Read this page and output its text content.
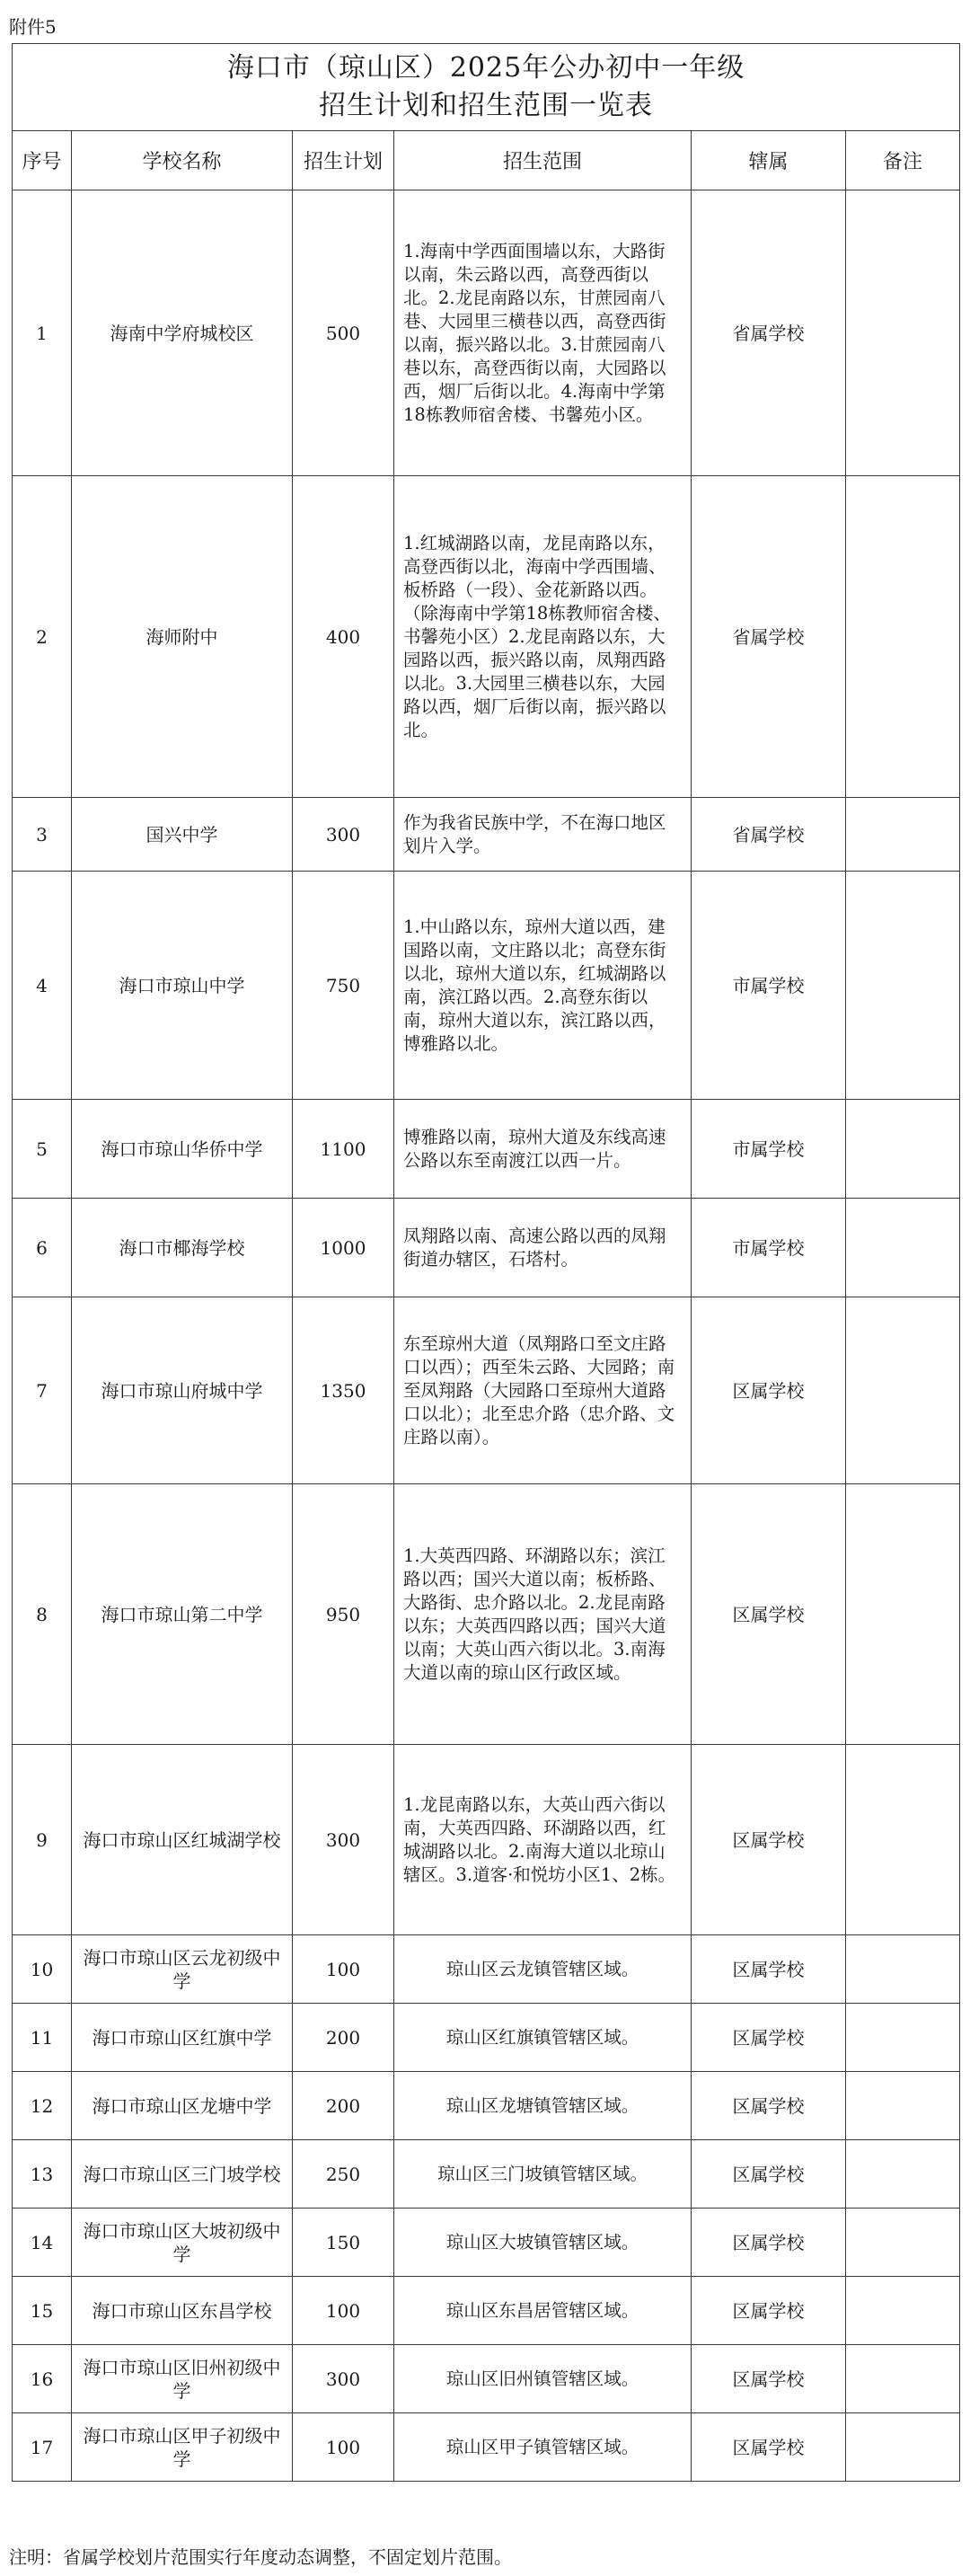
附件5
海口市（琼山区）2025年公办初中一年级
招生计划和招生范围一览表					

序号	学校名称	招生计划	招生范围	辖属	备注
1	海南中学府城校区	500	1.海南中学西面围墙以东，大路街以南，朱云路以西，高登西街以北。2.龙昆南路以东，甘蔗园南八巷、大园里三横巷以西，高登西街以南，振兴路以北。3.甘蔗园南八巷以东，高登西街以南，大园路以西，烟厂后街以北。4.海南中学第18栋教师宿舍楼、书馨苑小区。	省属学校	
2	海师附中	400	1.红城湖路以南，龙昆南路以东，高登西街以北，海南中学西围墙、板桥路（一段）、金花新路以西。（除海南中学第18栋教师宿舍楼、书馨苑小区）2.龙昆南路以东，大园路以西，振兴路以南，凤翔西路以北。3.大园里三横巷以东，大园路以西，烟厂后街以南，振兴路以北。	省属学校	
3	国兴中学	300	作为我省民族中学，不在海口地区划片入学。	省属学校	
4	海口市琼山中学	750	1.中山路以东，琼州大道以西，建国路以南，文庄路以北；高登东街以北，琼州大道以东，红城湖路以南，滨江路以西。2.高登东街以南，琼州大道以东，滨江路以西，博雅路以北。	市属学校	
5	海口市琼山华侨中学	1100	博雅路以南，琼州大道及东线高速公路以东至南渡江以西一片。	市属学校	
6	海口市椰海学校	1000	凤翔路以南、高速公路以西的凤翔街道办辖区，石塔村。	市属学校	
7	海口市琼山府城中学	1350	东至琼州大道（凤翔路口至文庄路口以西）；西至朱云路、大园路；南至凤翔路（大园路口至琼州大道路口以北）；北至忠介路（忠介路、文庄路以南）。	区属学校	
8	海口市琼山第二中学	950	1.大英西四路、环湖路以东；滨江路以西；国兴大道以南；板桥路、大路街、忠介路以北。2.龙昆南路以东；大英西四路以西；国兴大道以南；大英山西六街以北。3.南海大道以南的琼山区行政区域。	区属学校	
9	海口市琼山区红城湖学校	300	1.龙昆南路以东，大英山西六街以南，大英西四路、环湖路以西，红城湖路以北。2.南海大道以北琼山辖区。3.道客·和悦坊小区1、2栋。	区属学校	
10	海口市琼山区云龙初级中学	100	琼山区云龙镇管辖区域。	区属学校	
11	海口市琼山区红旗中学	200	琼山区红旗镇管辖区域。	区属学校	
12	海口市琼山区龙塘中学	200	琼山区龙塘镇管辖区域。	区属学校	
13	海口市琼山区三门坡学校	250	琼山区三门坡镇管辖区域。	区属学校	
14	海口市琼山区大坡初级中学	150	琼山区大坡镇管辖区域。	区属学校	
15	海口市琼山区东昌学校	100	琼山区东昌居管辖区域。	区属学校	
16	海口市琼山区旧州初级中学	300	琼山区旧州镇管辖区域。	区属学校	
17	海口市琼山区甲子初级中学	100	琼山区甲子镇管辖区域。	区属学校	
注明：省属学校划片范围实行年度动态调整，不固定划片范围。
